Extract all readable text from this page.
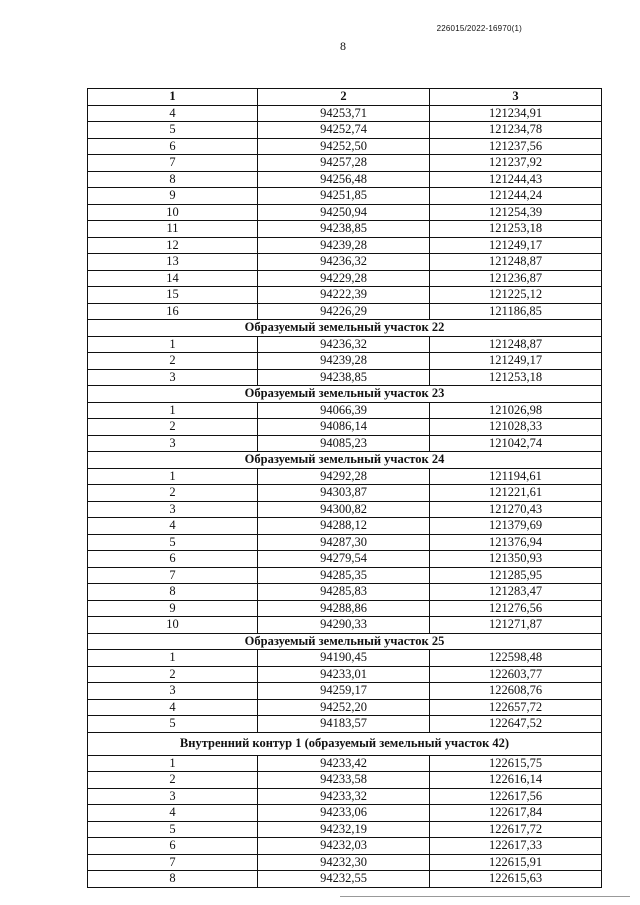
226015/2022-16970(1)
8
1	2	3
4	94253,71	121234,91
5	94252,74	121234,78
6	94252,50	121237,56
7	94257,28	121237,92
8	94256,48	121244,43
9	94251,85	121244,24
10	94250,94	121254,39
11	94238,85	121253,18
12	94239,28	121249,17
13	94236,32	121248,87
14	94229,28	121236,87
15	94222,39	121225,12
16	94226,29	121186,85
Образуемый земельный участок 22		
1	94236,32	121248,87
2	94239,28	121249,17
3	94238,85	121253,18
Образуемый земельный участок 23		
1	94066,39	121026,98
2	94086,14	121028,33
3	94085,23	121042,74
Образуемый земельный участок 24		
1	94292,28	121194,61
2	94303,87	121221,61
3	94300,82	121270,43
4	94288,12	121379,69
5	94287,30	121376,94
6	94279,54	121350,93
7	94285,35	121285,95
8	94285,83	121283,47
9	94288,86	121276,56
10	94290,33	121271,87
Образуемый земельный участок 25		
1	94190,45	122598,48
2	94233,01	122603,77
3	94259,17	122608,76
4	94252,20	122657,72
5	94183,57	122647,52
Внутренний контур 1 (образуемый земельный участок 42)		
1	94233,42	122615,75
2	94233,58	122616,14
3	94233,32	122617,56
4	94233,06	122617,84
5	94232,19	122617,72
6	94232,03	122617,33
7	94232,30	122615,91
8	94232,55	122615,63
